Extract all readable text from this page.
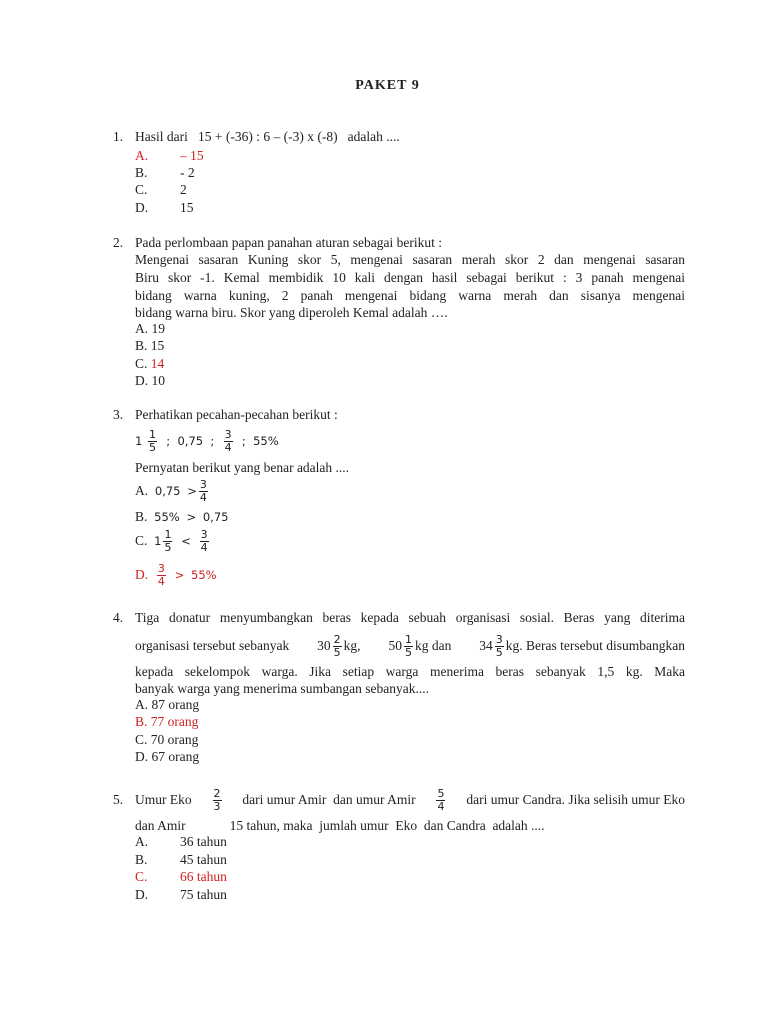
PAKET 9
1. Hasil dari   15 + (-36) : 6 – (-3) x (-8)   adalah ....
A. – 15
B. - 2
C. 2
D. 15
2. Pada perlombaan papan panahan aturan sebagai berikut :
Mengenai sasaran Kuning skor 5, mengenai sasaran merah skor 2 dan mengenai sasaran
Biru skor -1. Kemal membidik 10 kali dengan hasil sebagai berikut : 3 panah mengenai
bidang warna kuning, 2 panah mengenai bidang warna merah dan sisanya mengenai
bidang warna biru. Skor yang diperoleh Kemal adalah ….
A. 19
B. 15
C. 14
D. 10
3. Perhatikan pecahan-pecahan berikut :
$1 \frac{1}{5}$ ; 0,75 ; $\frac{3}{4}$ ; 55%
Pernyatan berikut yang benar adalah ....
A. $0,75 > \frac{3}{4}$
B. 55% > 0,75
C. $1 \frac{1}{5} < \frac{3}{4}$
D. $\frac{3}{4} > 55\%$
4. Tiga donatur menyumbangkan beras kepada sebuah organisasi sosial. Beras yang diterima
organisasi tersebut sebanyak $30 \frac{2}{5}$ kg, $50 \frac{1}{5}$ kg dan $34 \frac{3}{5}$ kg. Beras tersebut disumbangkan
kepada sekelompok warga. Jika setiap warga menerima beras sebanyak 1,5 kg. Maka
banyak warga yang menerima sumbangan sebanyak....
A. 87 orang
B. 77 orang
C. 70 orang
D. 67 orang
5. Umur Eko $\frac{2}{3}$ dari umur Amir  dan umur Amir $\frac{5}{4}$ dari umur Candra. Jika selisih umur Eko
dan Amir	15 tahun, maka  jumlah umur  Eko  dan Candra  adalah ....
A. 36 tahun
B. 45 tahun
C. 66 tahun
D. 75 tahun
